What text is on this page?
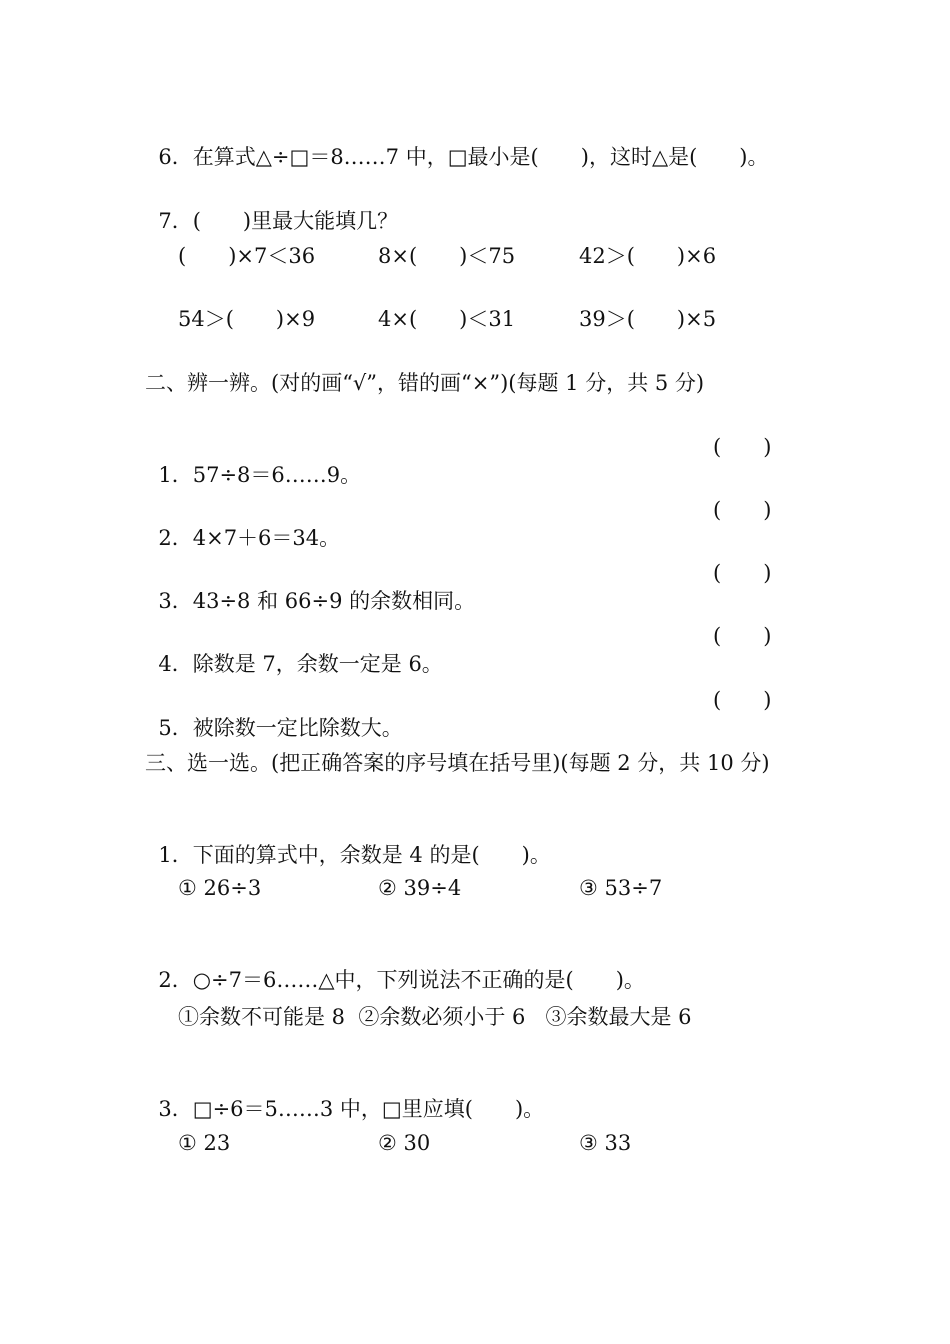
6．在算式△÷□＝8……7 中，□最小是(　　)，这时△是(　　)。

7．(　　)里最大能填几？

(　　)×7＜36	8×(　　)＜75	42＞(　　)×6
54＞(　　)×9	4×(　　)＜31	39＞(　　)×5
二、辨一辨。(对的画“√”，错的画“×”)(每题 1 分，共 5 分)

1．57÷8＝6……9。

(　　)

2．4×7＋6＝34。

(　　)

3．43÷8 和 66÷9 的余数相同。

(　　)

4．除数是 7，余数一定是 6。

(　　)

5．被除数一定比除数大。

(　　)
三、选一选。(把正确答案的序号填在括号里)(每题 2 分，共 10 分)

1．下面的算式中，余数是 4 的是(　　)。

① 26÷3	② 39÷4	③ 53÷7

2．○÷7＝6……△中，下列说法不正确的是(　　)。

①余数不可能是 8  ②余数必须小于 6   ③余数最大是 6

3．□÷6＝5……3 中，□里应填(　　)。

① 23	② 30	③ 33
